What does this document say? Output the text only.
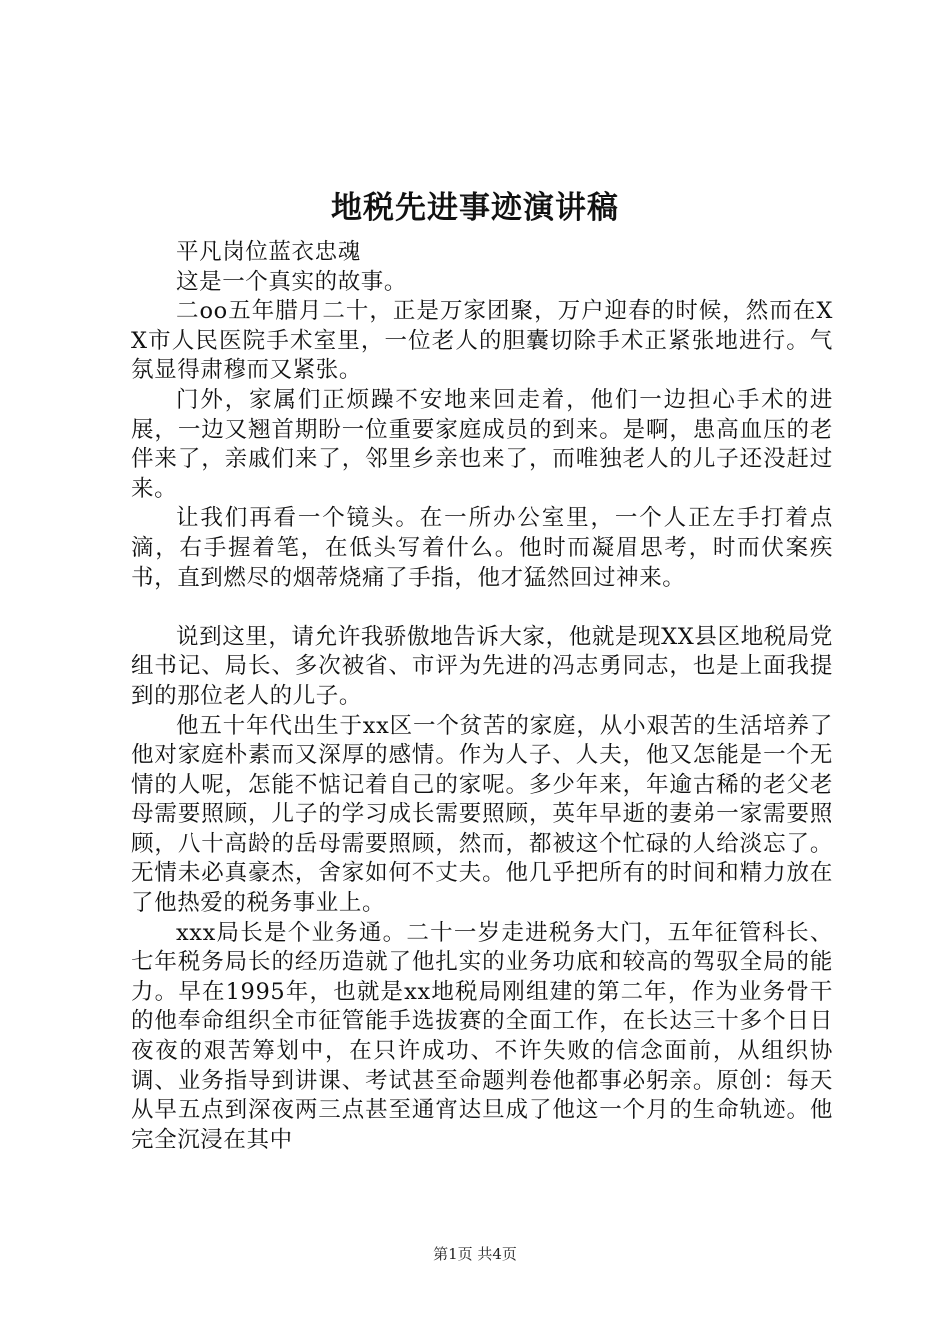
地税先进事迹演讲稿

平凡岗位蓝衣忠魂

这是一个真实的故事。

二oo五年腊月二十，正是万家团聚，万户迎春的时候，然而在XX市人民医院手术室里，一位老人的胆囊切除手术正紧张地进行。气氛显得肃穆而又紧张。

门外，家属们正烦躁不安地来回走着，他们一边担心手术的进展，一边又翘首期盼一位重要家庭成员的到来。是啊，患高血压的老伴来了，亲戚们来了，邻里乡亲也来了，而唯独老人的儿子还没赶过来。

让我们再看一个镜头。在一所办公室里，一个人正左手打着点滴，右手握着笔，在低头写着什么。他时而凝眉思考，时而伏案疾书，直到燃尽的烟蒂烧痛了手指，他才猛然回过神来。

说到这里，请允许我骄傲地告诉大家，他就是现XX县区地税局党组书记、局长、多次被省、市评为先进的冯志勇同志，也是上面我提到的那位老人的儿子。

他五十年代出生于xx区一个贫苦的家庭，从小艰苦的生活培养了他对家庭朴素而又深厚的感情。作为人子、人夫，他又怎能是一个无情的人呢，怎能不惦记着自己的家呢。多少年来，年逾古稀的老父老母需要照顾，儿子的学习成长需要照顾，英年早逝的妻弟一家需要照顾，八十高龄的岳母需要照顾，然而，都被这个忙碌的人给淡忘了。无情未必真豪杰，舍家如何不丈夫。他几乎把所有的时间和精力放在了他热爱的税务事业上。

xxx局长是个业务通。二十一岁走进税务大门，五年征管科长、七年税务局长的经历造就了他扎实的业务功底和较高的驾驭全局的能力。早在1995年，也就是xx地税局刚组建的第二年，作为业务骨干的他奉命组织全市征管能手选拔赛的全面工作，在长达三十多个日日夜夜的艰苦筹划中，在只许成功、不许失败的信念面前，从组织协调、业务指导到讲课、考试甚至命题判卷他都事必躬亲。原创：每天从早五点到深夜两三点甚至通宵达旦成了他这一个月的生命轨迹。他完全沉浸在其中

第1页 共4页
